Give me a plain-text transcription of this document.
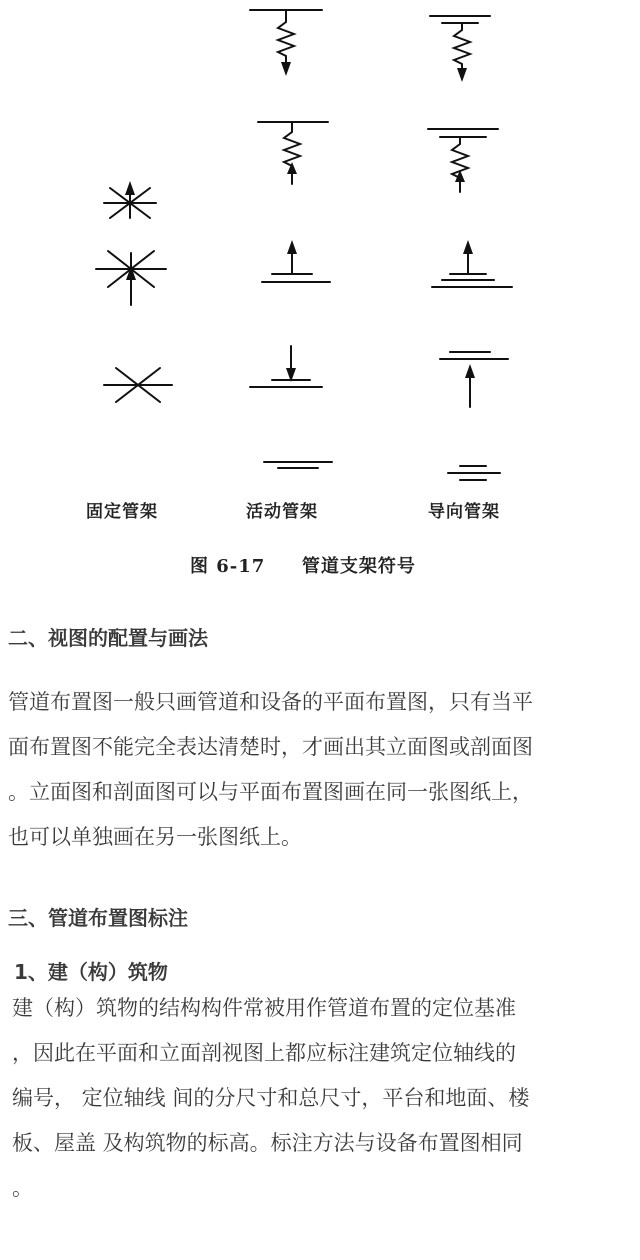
固定管架	活动管架	导向管架
图 6-17 管道支架符号
二、视图的配置与画法
管道布置图一般只画管道和设备的平面布置图，只有当平
面布置图不能完全表达清楚时，才画出其立面图或剖面图
。立面图和剖面图可以与平面布置图画在同一张图纸上，
也可以单独画在另一张图纸上。
三、管道布置图标注
1、建（构）筑物
建（构）筑物的结构构件常被用作管道布置的定位基准
，因此在平面和立面剖视图上都应标注建筑定位轴线的
编号， 定位轴线 间的分尺寸和总尺寸，平台和地面、楼
板、屋盖 及构筑物的标高。标注方法与设备布置图相同
。
